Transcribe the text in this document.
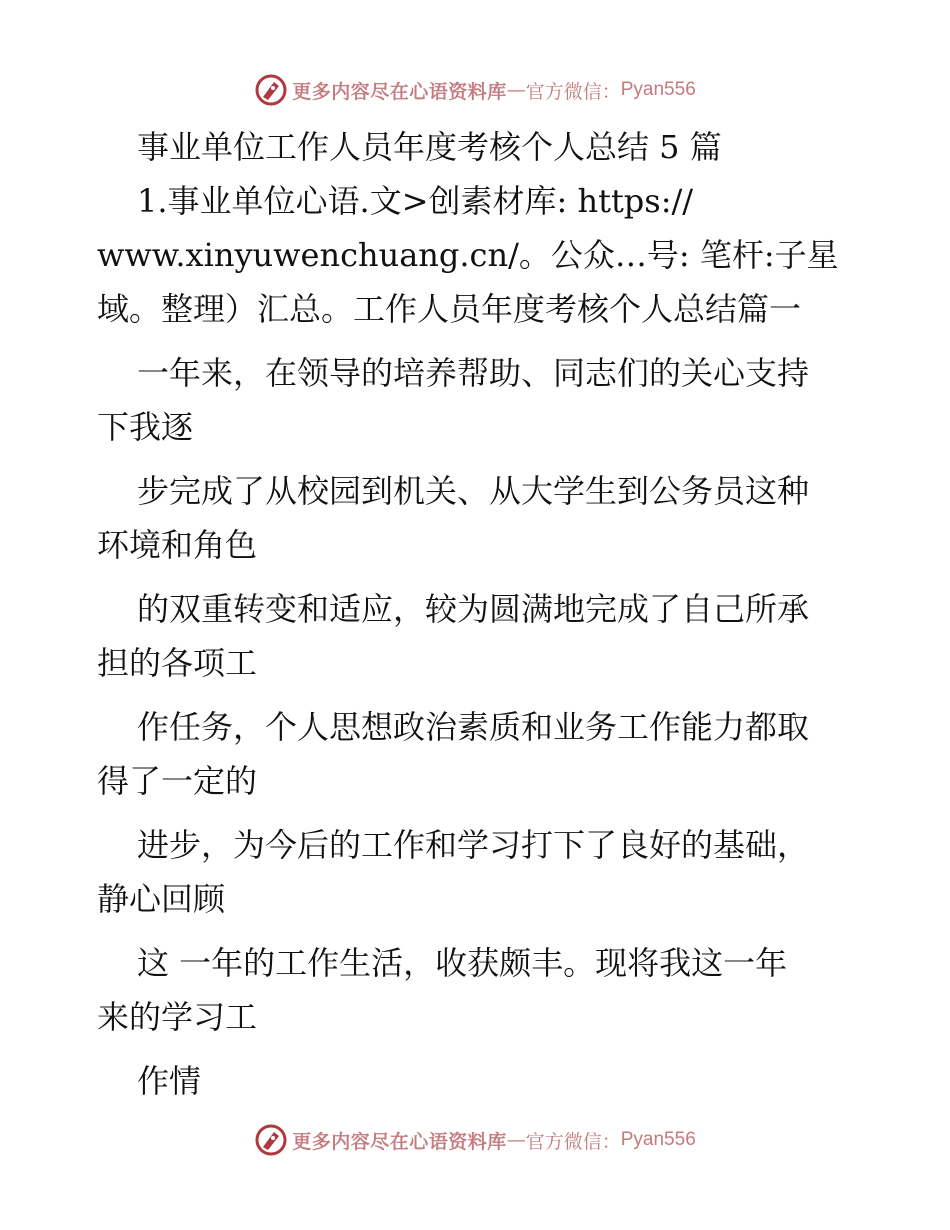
更多内容尽在心语资料库 — 官方微信： Pyan556
事业单位工作人员年度考核个人总结 5 篇
1.事业单位心语.文>创素材库: https://
www.xinyuwenchuang.cn/。公众…号: 笔杆:子星
域。整理）汇总。工作人员年度考核个人总结篇一
一年来，在领导的培养帮助、同志们的关心支持
下我逐
步完成了从校园到机关、从大学生到公务员这种
环境和角色
的双重转变和适应，较为圆满地完成了自己所承
担的各项工
作任务，个人思想政治素质和业务工作能力都取
得了一定的
进步，为今后的工作和学习打下了良好的基础，
静心回顾
这 一年的工作生活，收获颇丰。现将我这一年
来的学习工
作情
更多内容尽在心语资料库 — 官方微信： Pyan556
